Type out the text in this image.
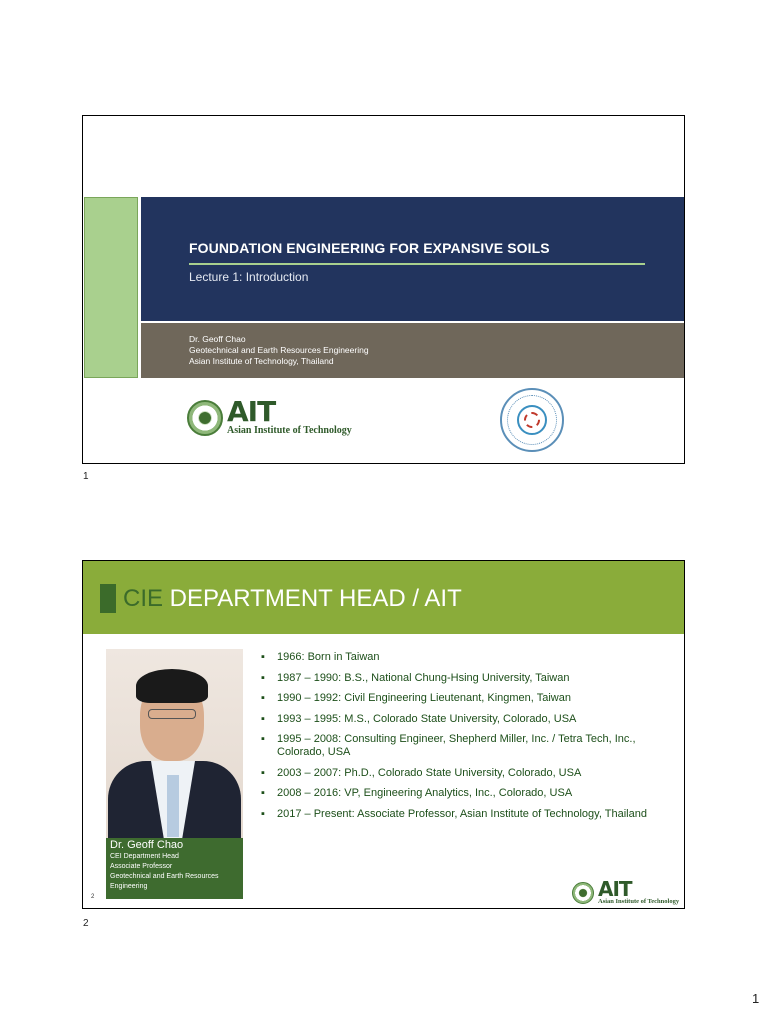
FOUNDATION ENGINEERING FOR EXPANSIVE SOILS
Lecture 1: Introduction
Dr. Geoff Chao
Geotechnical and Earth Resources Engineering
Asian Institute of Technology, Thailand
AIT
Asian Institute of Technology
1
CIE DEPARTMENT HEAD / AIT
Dr. Geoff Chao
CEI Department Head
Associate Professor
Geotechnical and Earth Resources Engineering
▪ 1966: Born in Taiwan
▪ 1987 – 1990: B.S., National Chung-Hsing University, Taiwan
▪ 1990 – 1992: Civil Engineering Lieutenant, Kingmen, Taiwan
▪ 1993 – 1995: M.S., Colorado State University, Colorado, USA
▪ 1995 – 2008: Consulting Engineer, Shepherd Miller, Inc. / Tetra Tech, Inc., Colorado, USA
▪ 2003 – 2007: Ph.D., Colorado State University, Colorado, USA
▪ 2008 – 2016: VP, Engineering Analytics, Inc., Colorado, USA
▪ 2017 – Present: Associate Professor, Asian Institute of Technology, Thailand
2	AIT
Asian Institute of Technology
2
1
